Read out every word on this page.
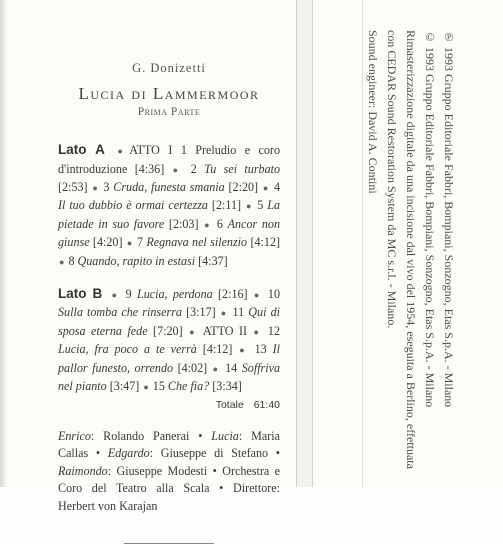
G. Donizetti
Lucia di Lammermoor
Prima Parte
Lato A ●ATTO I 1 Preludio e coro d'introduzione [4:36] ● 2 Tu sei turbato [2:53] ● 3 Cruda, funesta smania [2:20] ● 4 Il tuo dubbio è ormai certezza [2:11] ● 5 La pietade in suo favore [2:03] ● 6 Ancor non giunse [4:20] ● 7 Regnava nel silenzio [4:12] ● 8 Quando, rapito in estasi [4:37]
Lato B ● 9 Lucia, perdona [2:16] ● 10 Sulla tomba che rinserra [3:17] ● 11 Qui di sposa eterna fede [7:20] ● ATTO II ● 12 Lucia, fra poco a te verrà [4:12] ● 13 Il pallor funesto, orrendo [4:02] ● 14 Soffriva nel pianto [3:47] ● 15 Che fia? [3:34]
Totale 61:40
Enrico: Rolando Panerai • Lucia: Maria Callas • Edgardo: Giuseppe di Stefano • Raimondo: Giuseppe Modesti • Orchestra e Coro del Teatro alla Scala • Direttore: Herbert von Karajan

℗ 1993 Gruppo Editoriale Fabbri, Bompiani, Sonzogno, Etas S.p.A. - Milano

© 1993 Gruppo Editoriale Fabbri, Bompiani, Sonzogno, Etas S.p.A. - Milano

Rimasterizzazione digitale da una incisione dal vivo del 1954, eseguita a Berlino, effettuata con CEDAR Sound Restoration System da MC s.r.l. - Milano.

Sound engineer: David A. Contini
